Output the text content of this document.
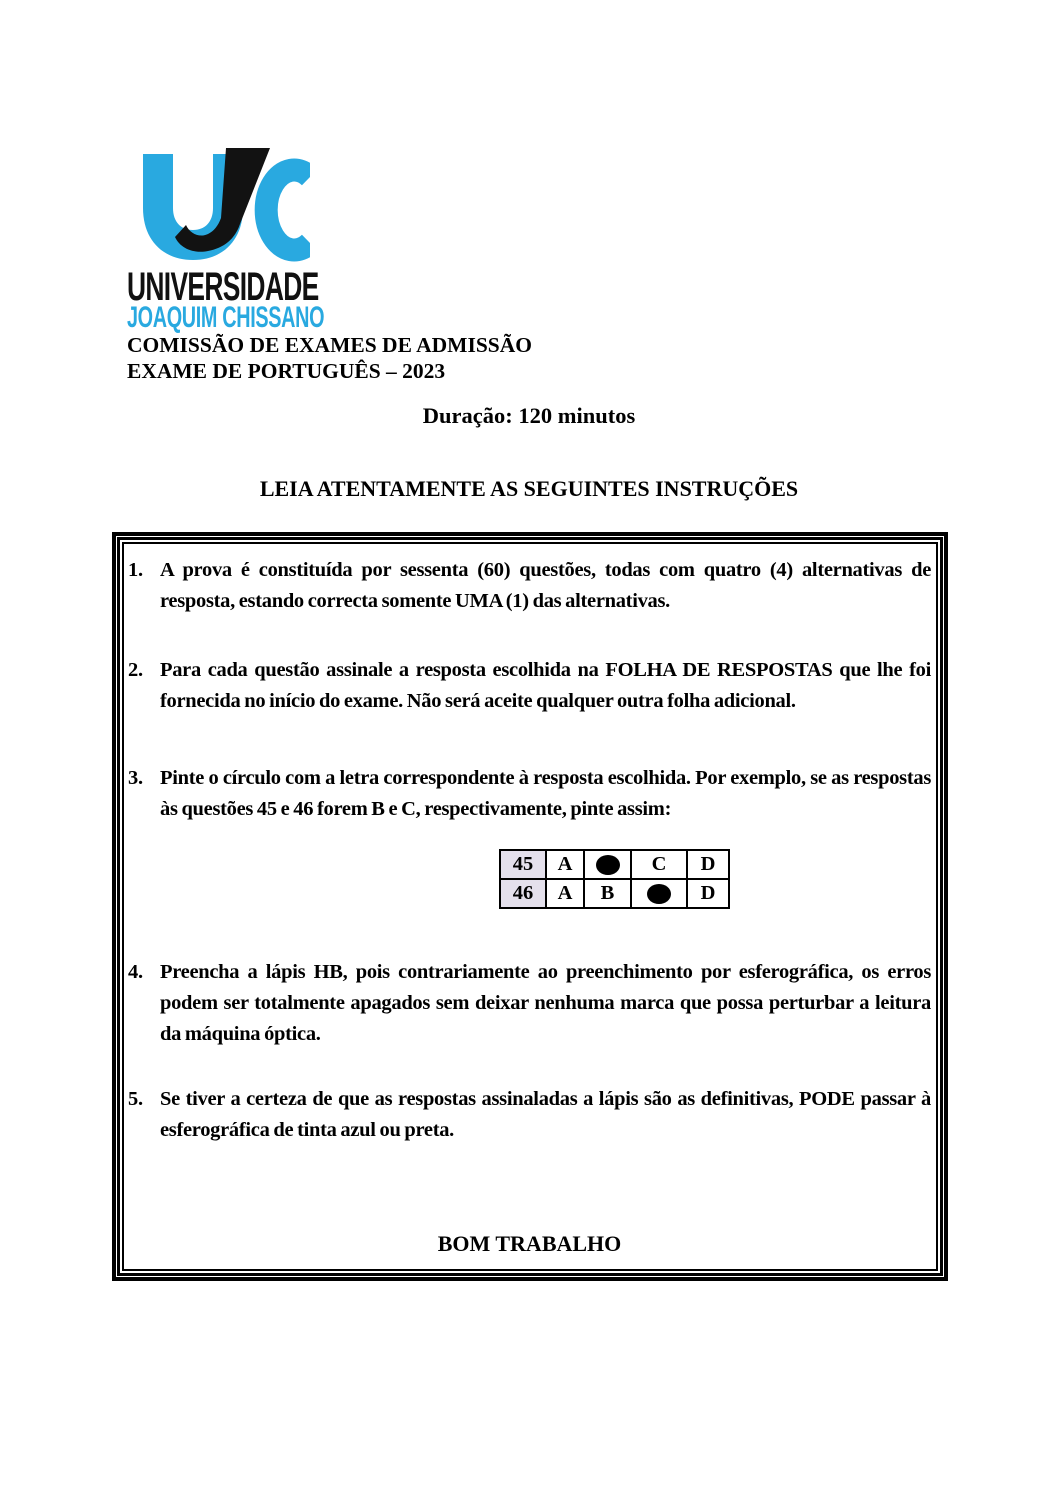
UNIVERSIDADE
JOAQUIM CHISSANO
COMISSÃO DE EXAMES DE ADMISSÃO
EXAME DE PORTUGUÊS – 2023
Duração: 120 minutos
LEIA ATENTAMENTE AS SEGUINTES INSTRUÇÕES
1. A prova é constituída por sessenta (60) questões, todas com quatro (4) alternativas de resposta, estando correcta somente UMA (1) das alternativas.
2. Para cada questão assinale a resposta escolhida na FOLHA DE RESPOSTAS que lhe foi fornecida no início do exame. Não será aceite qualquer outra folha adicional.
3. Pinte o círculo com a letra correspondente à resposta escolhida. Por exemplo, se as respostas às questões 45 e 46 forem B e C, respectivamente, pinte assim:
45	A		C	D
46	A	B		D
4. Preencha a lápis HB, pois contrariamente ao preenchimento por esferográfica, os erros podem ser totalmente apagados sem deixar nenhuma marca que possa perturbar a leitura da máquina óptica.
5. Se tiver a certeza de que as respostas assinaladas a lápis são as definitivas, PODE passar à esferográfica de tinta azul ou preta.
BOM TRABALHO
